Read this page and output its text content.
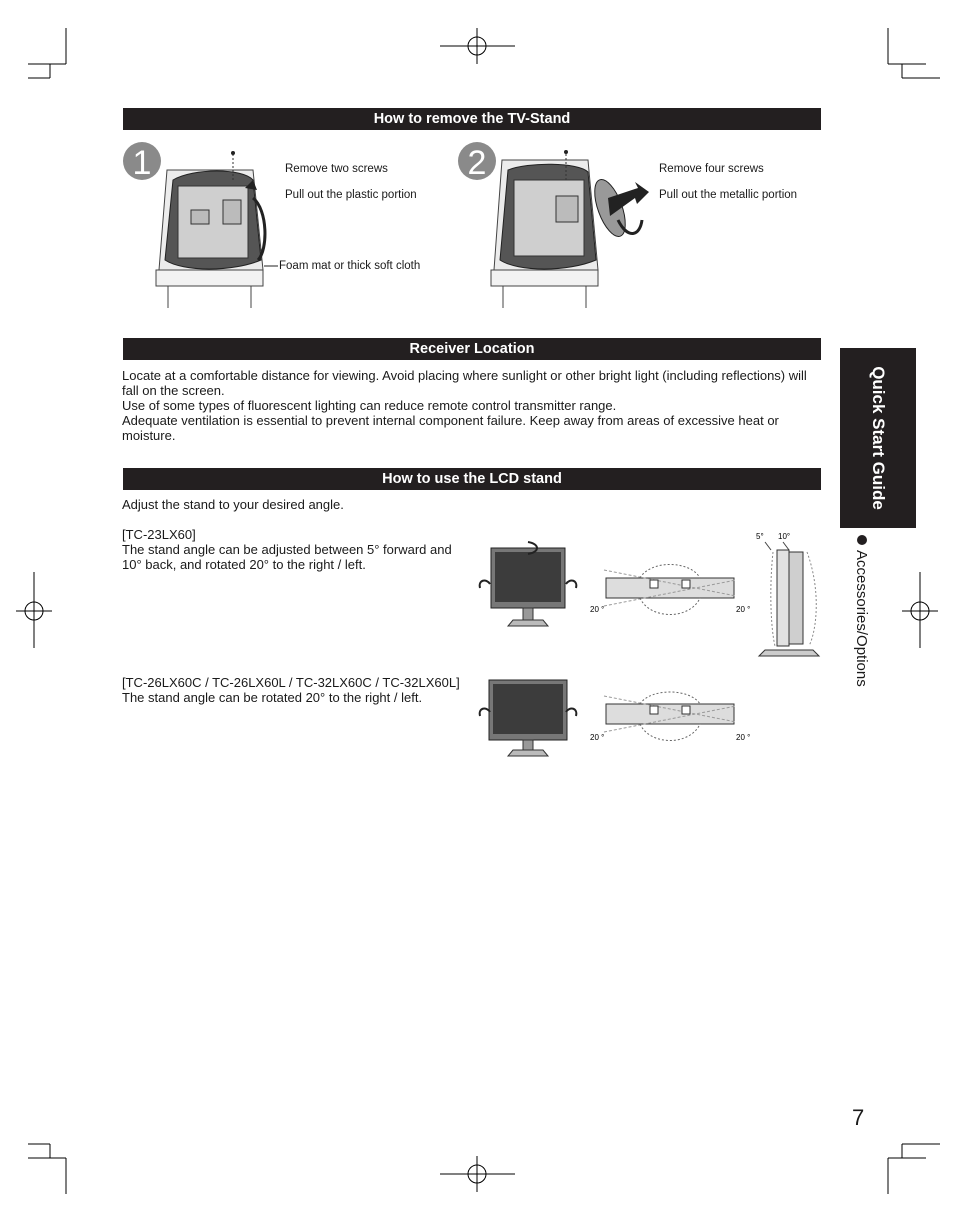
How to remove the TV-Stand
1	Remove two screws
Pull out the plastic portion
Foam mat or thick soft cloth
2	Remove four screws
Pull out the metallic portion
Receiver Location

Locate at a comfortable distance for viewing. Avoid placing where sunlight or other bright light (including reflections) will fall on the screen.

Use of some types of fluorescent lighting can reduce remote control transmitter range.

Adequate ventilation is essential to prevent internal component failure. Keep away from areas of excessive heat or moisture.

How to use the LCD stand
Adjust the stand to your desired angle.

[TC-23LX60]

The stand angle can be adjusted between 5° forward and 10° back, and rotated 20° to the right / left.

20 °	20 °
5° 10°

[TC-26LX60C / TC-26LX60L / TC-32LX60C / TC-32LX60L]

The stand angle can be rotated 20° to the right / left.

20 °	20 °
Quick Start Guide
Accessories/Options
7
